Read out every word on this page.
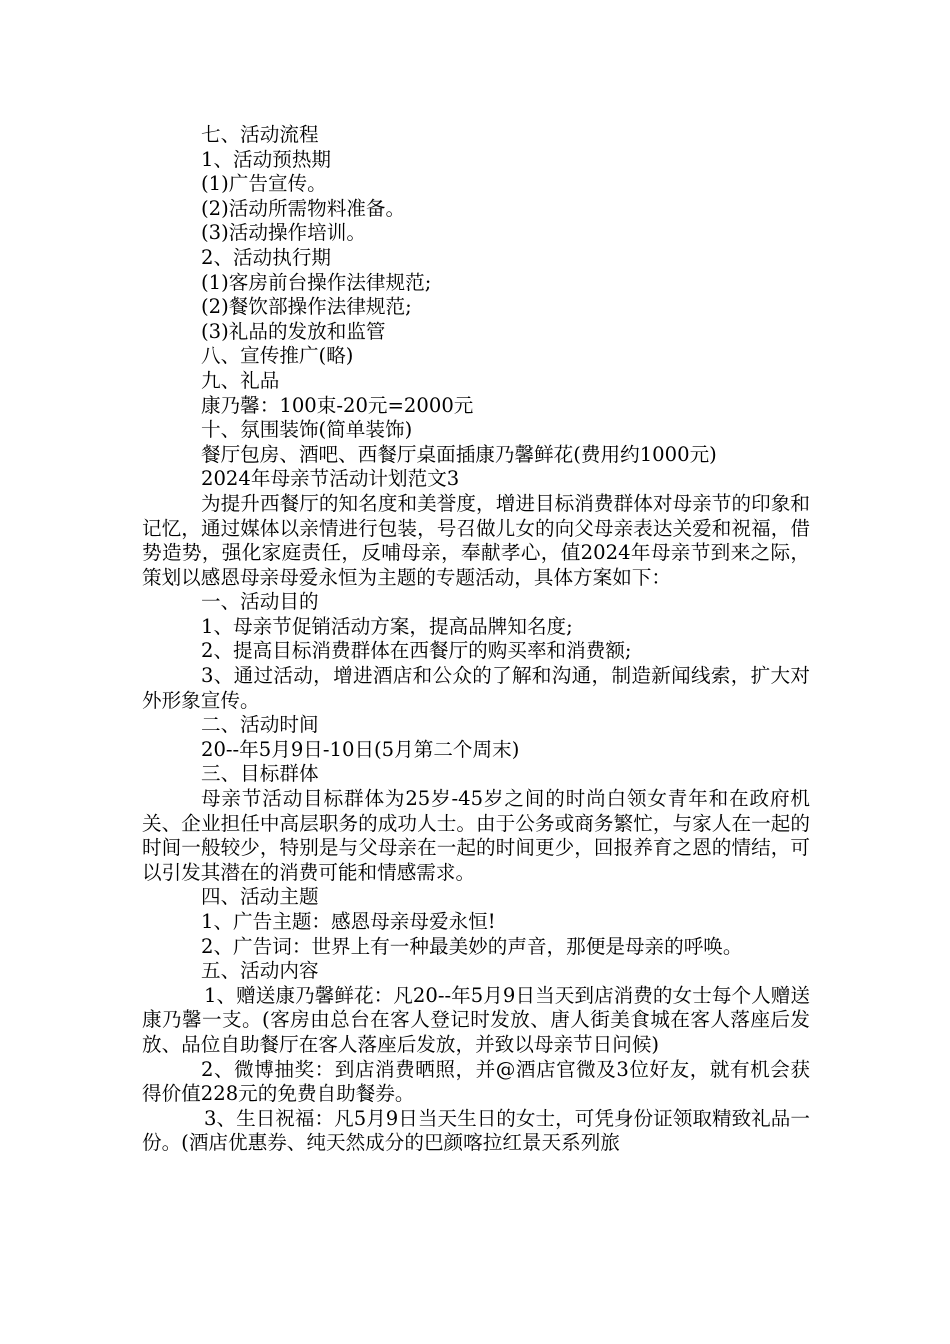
七、活动流程
1、活动预热期
(1)广告宣传。
(2)活动所需物料准备。
(3)活动操作培训。
2、活动执行期
(1)客房前台操作法律规范;
(2)餐饮部操作法律规范;
(3)礼品的发放和监管
八、宣传推广(略)
九、礼品
康乃馨：100束-20元=2000元
十、氛围装饰(简单装饰)
餐厅包房、酒吧、西餐厅桌面插康乃馨鲜花(费用约1000元)
2024年母亲节活动计划范文3

为提升西餐厅的知名度和美誉度，增进目标消费群体对母亲节的印象和记忆，通过媒体以亲情进行包装，号召做儿女的向父母亲表达关爱和祝福，借势造势，强化家庭责任，反哺母亲，奉献孝心，值2024年母亲节到来之际，策划以感恩母亲母爱永恒为主题的专题活动，具体方案如下：

一、活动目的
1、母亲节促销活动方案，提高品牌知名度;
2、提高目标消费群体在西餐厅的购买率和消费额;

3、通过活动，增进酒店和公众的了解和沟通，制造新闻线索，扩大对外形象宣传。

二、活动时间
20--年5月9日-10日(5月第二个周末)
三、目标群体

母亲节活动目标群体为25岁-45岁之间的时尚白领女青年和在政府机关、企业担任中高层职务的成功人士。由于公务或商务繁忙，与家人在一起的时间一般较少，特别是与父母亲在一起的时间更少，回报养育之恩的情结，可以引发其潜在的消费可能和情感需求。

四、活动主题
1、广告主题：感恩母亲母爱永恒!
2、广告词：世界上有一种最美妙的声音，那便是母亲的呼唤。
五、活动内容

1、赠送康乃馨鲜花：凡20--年5月9日当天到店消费的女士每个人赠送康乃馨一支。(客房由总台在客人登记时发放、唐人街美食城在客人落座后发放、品位自助餐厅在客人落座后发放，并致以母亲节日问候)

2、微博抽奖：到店消费晒照，并@酒店官微及3位好友，就有机会获得价值228元的免费自助餐券。

3、生日祝福：凡5月9日当天生日的女士，可凭身份证领取精致礼品一份。(酒店优惠券、纯天然成分的巴颜喀拉红景天系列旅
